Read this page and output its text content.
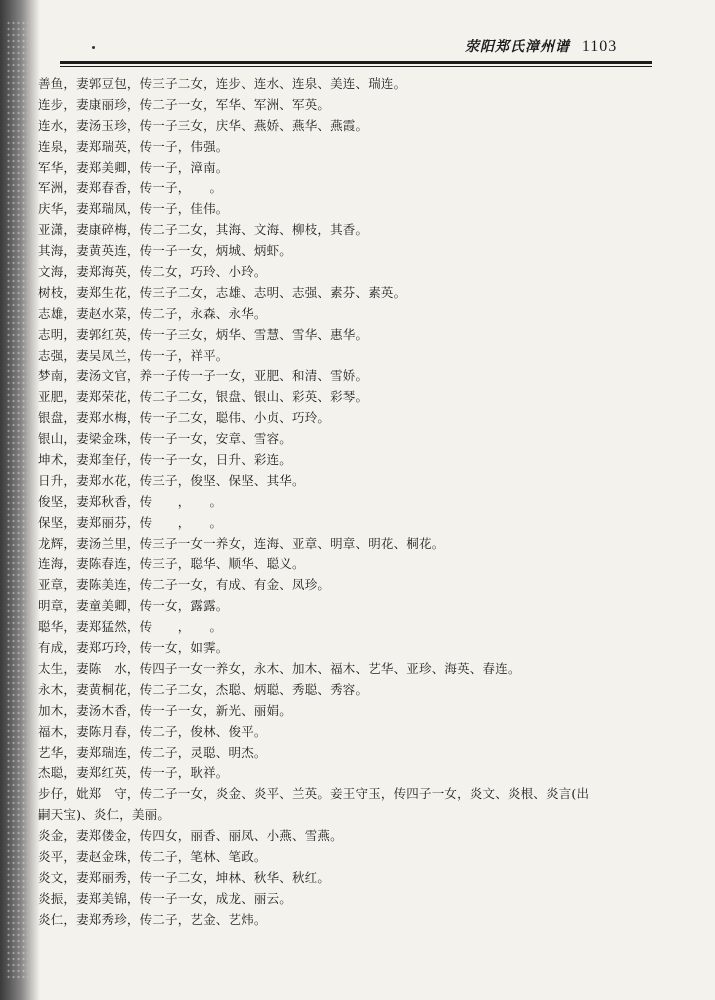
荥阳郑氏漳州谱 1103
善鱼，妻郭豆包，传三子二女，连步、连水、连泉、美连、瑞连。
连步，妻康丽珍，传二子一女，军华、军洲、军英。
连水，妻汤玉珍，传一子三女，庆华、燕娇、燕华、燕霞。
连泉，妻郑瑞英，传一子，伟强。
军华，妻郑美卿，传一子，漳南。
军洲，妻郑春香，传一子，　　。
庆华，妻郑瑞凤，传一子，佳伟。
亚潇，妻康碎梅，传二子二女，其海、文海、柳枝，其香。
其海，妻黄英连，传一子一女，炳城、炳虾。
文海，妻郑海英，传二女，巧玲、小玲。
树枝，妻郑生花，传三子二女，志雄、志明、志强、素芬、素英。
志雄，妻赵水菜，传二子，永森、永华。
志明，妻郭红英，传一子三女，炳华、雪慧、雪华、惠华。
志强，妻吴凤兰，传一子，祥平。
梦南，妻汤文官，养一子传一子一女，亚肥、和清、雪娇。
亚肥，妻郑荣花，传二子二女，银盘、银山、彩英、彩琴。
银盘，妻郑水梅，传一子二女，聪伟、小贞、巧玲。
银山，妻梁金珠，传一子一女，安章、雪容。
坤术，妻郑奎仔，传一子一女，日升、彩连。
日升，妻郑水花，传三子，俊坚、保坚、其华。
俊坚，妻郑秋香，传　　，　　。
保坚，妻郑丽芬，传　　，　　。
龙辉，妻汤兰里，传三子一女一养女，连海、亚章、明章、明花、桐花。
连海，妻陈春连，传三子，聪华、顺华、聪义。
亚章，妻陈美连，传二子一女，有成、有金、凤珍。
明章，妻童美卿，传一女，露露。
聪华，妻郑猛然，传　　，　　。
有成，妻郑巧玲，传一女，如霁。
太生，妻陈　水，传四子一女一养女，永木、加木、福木、艺华、亚珍、海英、春连。
永木，妻黄桐花，传二子二女，杰聪、炳聪、秀聪、秀容。
加木，妻汤木香，传一子一女，新光、丽娟。
福木，妻陈月春，传二子，俊林、俊平。
艺华，妻郑瑞连，传二子，灵聪、明杰。
杰聪，妻郑红英，传一子，耿祥。
步仔，妣郑　守，传二子一女，炎金、炎平、兰英。妾王守玉，传四子一女，炎文、炎根、炎言(出
嗣天宝)、炎仁，美丽。
炎金，妻郑偻金，传四女，丽香、丽凤、小燕、雪燕。
炎平，妻赵金珠，传二子，笔林、笔政。
炎文，妻郑丽秀，传一子二女，坤林、秋华、秋红。
炎振，妻郑美锦，传一子一女，成龙、丽云。
炎仁，妻郑秀珍，传二子，艺金、艺炜。
